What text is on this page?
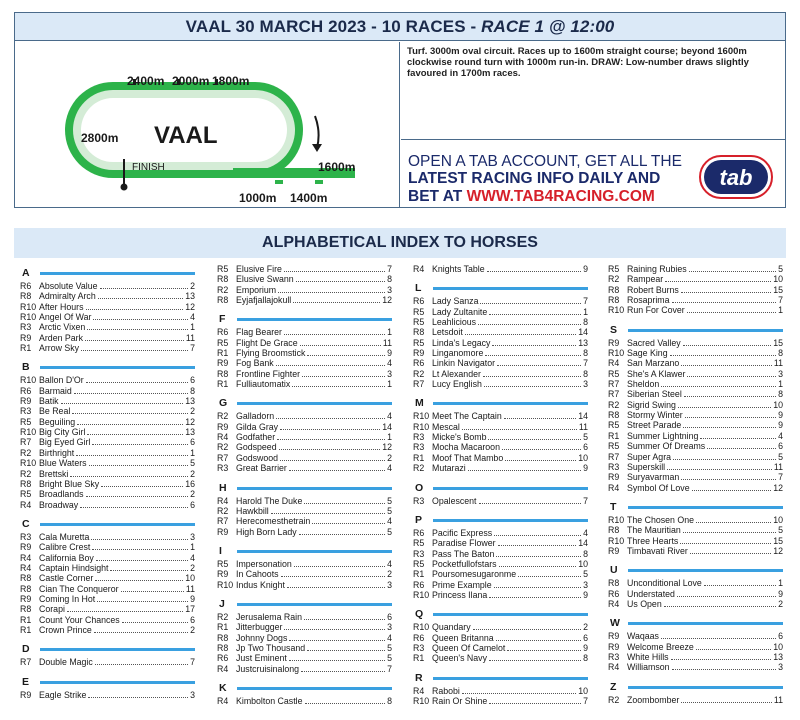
VAAL 30 MARCH 2023 - 10 RACES - RACE 1 @ 12:00
2400m 2000m 1800m
2800m
1600m
1000m 1400m
VAAL
FINISH
Turf. 3000m oval circuit. Races up to 1600m straight course; beyond 1600m clockwise round turn with 1000m run-in. DRAW: Low-number draws slightly favoured in 1700m races.
OPEN A TAB ACCOUNT, GET ALL THE
LATEST RACING INFO DAILY AND
BET AT WWW.TAB4RACING.COM
tab
ALPHABETICAL INDEX TO HORSES
A
R6 Absolute Value	2
R8 Admiralty Arch	13
R10 After Hours	12
R10 Angel Of War	4
R3 Arctic Vixen	1
R9 Arden Park	11
R1 Arrow Sky	7
B
R10 Ballon D'Or	6
R6 Barmaid	8
R9 Batik	13
R3 Be Real	2
R5 Beguiling	12
R10 Big City Girl	13
R7 Big Eyed Girl	6
R2 Birthright	1
R10 Blue Waters	5
R2 Brettski	2
R8 Bright Blue Sky	16
R5 Broadlands	2
R4 Broadway	6
C
R3 Cala Muretta	3
R9 Calibre Crest	1
R4 California Boy	4
R4 Captain Hindsight	2
R8 Castle Corner	10
R8 Cian The Conqueror	11
R9 Coming In Hot	9
R8 Corapi	17
R1 Count Your Chances	6
R1 Crown Prince	2
D
R7 Double Magic	7
E
R9 Eagle Strike	3
R5 Elusive Fire	7
R8 Elusive Swann	8
R2 Emporium	3
R8 Eyjafjallajokull	12
F
R6 Flag Bearer	1
R5 Flight De Grace	11
R1 Flying Broomstick	9
R9 Fog Bank	4
R8 Frontline Fighter	3
R1 Fulliautomatix	1
G
R2 Galladorn	4
R9 Gilda Gray	14
R4 Godfather	1
R2 Godspeed	12
R7 Godswood	2
R3 Great Barrier	4
H
R4 Harold The Duke	5
R2 Hawkbill	5
R7 Herecomesthetrain	4
R9 High Born Lady	5
I
R5 Impersonation	4
R9 In Cahoots	2
R10 Indus Knight	3
J
R2 Jerusalema Rain	6
R1 Jitterbugger	3
R8 Johnny Dogs	4
R8 Jp Two Thousand	5
R6 Just Eminent	5
R4 Justcruisinalong	7
K
R4 Kimbolton Castle	8
R4 Knights Table	9
L
R6 Lady Sanza	7
R5 Lady Zultanite	1
R5 Leahlicious	8
R8 Letsdoit	14
R5 Linda's Legacy	13
R9 Linganomore	8
R6 Linkin Navigator	7
R2 Lt Alexander	8
R7 Lucy English	3
M
R10 Meet The Captain	14
R10 Mescal	11
R3 Micke's Bomb	5
R3 Mocha Macaroon	6
R1 Moof That Mambo	10
R2 Mutarazi	9
O
R3 Opalescent	7
P
R6 Pacific Express	4
R5 Paradise Flower	14
R3 Pass The Baton	8
R5 Pocketfullofstars	10
R1 Poursomesugaronme	5
R6 Prime Example	3
R10 Princess Ilana	9
Q
R10 Quandary	2
R6 Queen Britanna	6
R3 Queen Of Camelot	9
R1 Queen's Navy	8
R
R4 Rabobi	10
R10 Rain Or Shine	7
R5 Raining Rubies	5
R2 Rampear	10
R8 Robert Burns	15
R8 Rosaprima	7
R10 Run For Cover	1
S
R9 Sacred Valley	15
R10 Sage King	8
R4 San Marzano	11
R5 She's A Klawer	3
R7 Sheldon	1
R7 Siberian Steel	8
R2 Sigrid Swing	10
R8 Stormy Winter	9
R5 Street Parade	9
R1 Summer Lightning	4
R5 Summer Of Dreams	6
R7 Super Agra	5
R3 Superskill	11
R9 Suryavarman	7
R4 Symbol Of Love	12
T
R10 The Chosen One	10
R8 The Mauritian	5
R10 Three Hearts	15
R9 Timbavati River	12
U
R8 Unconditional Love	1
R6 Understated	9
R4 Us Open	2
W
R9 Waqaas	6
R9 Welcome Breeze	10
R3 White Hills	13
R4 Williamson	3
Z
R2 Zoombomber	11
